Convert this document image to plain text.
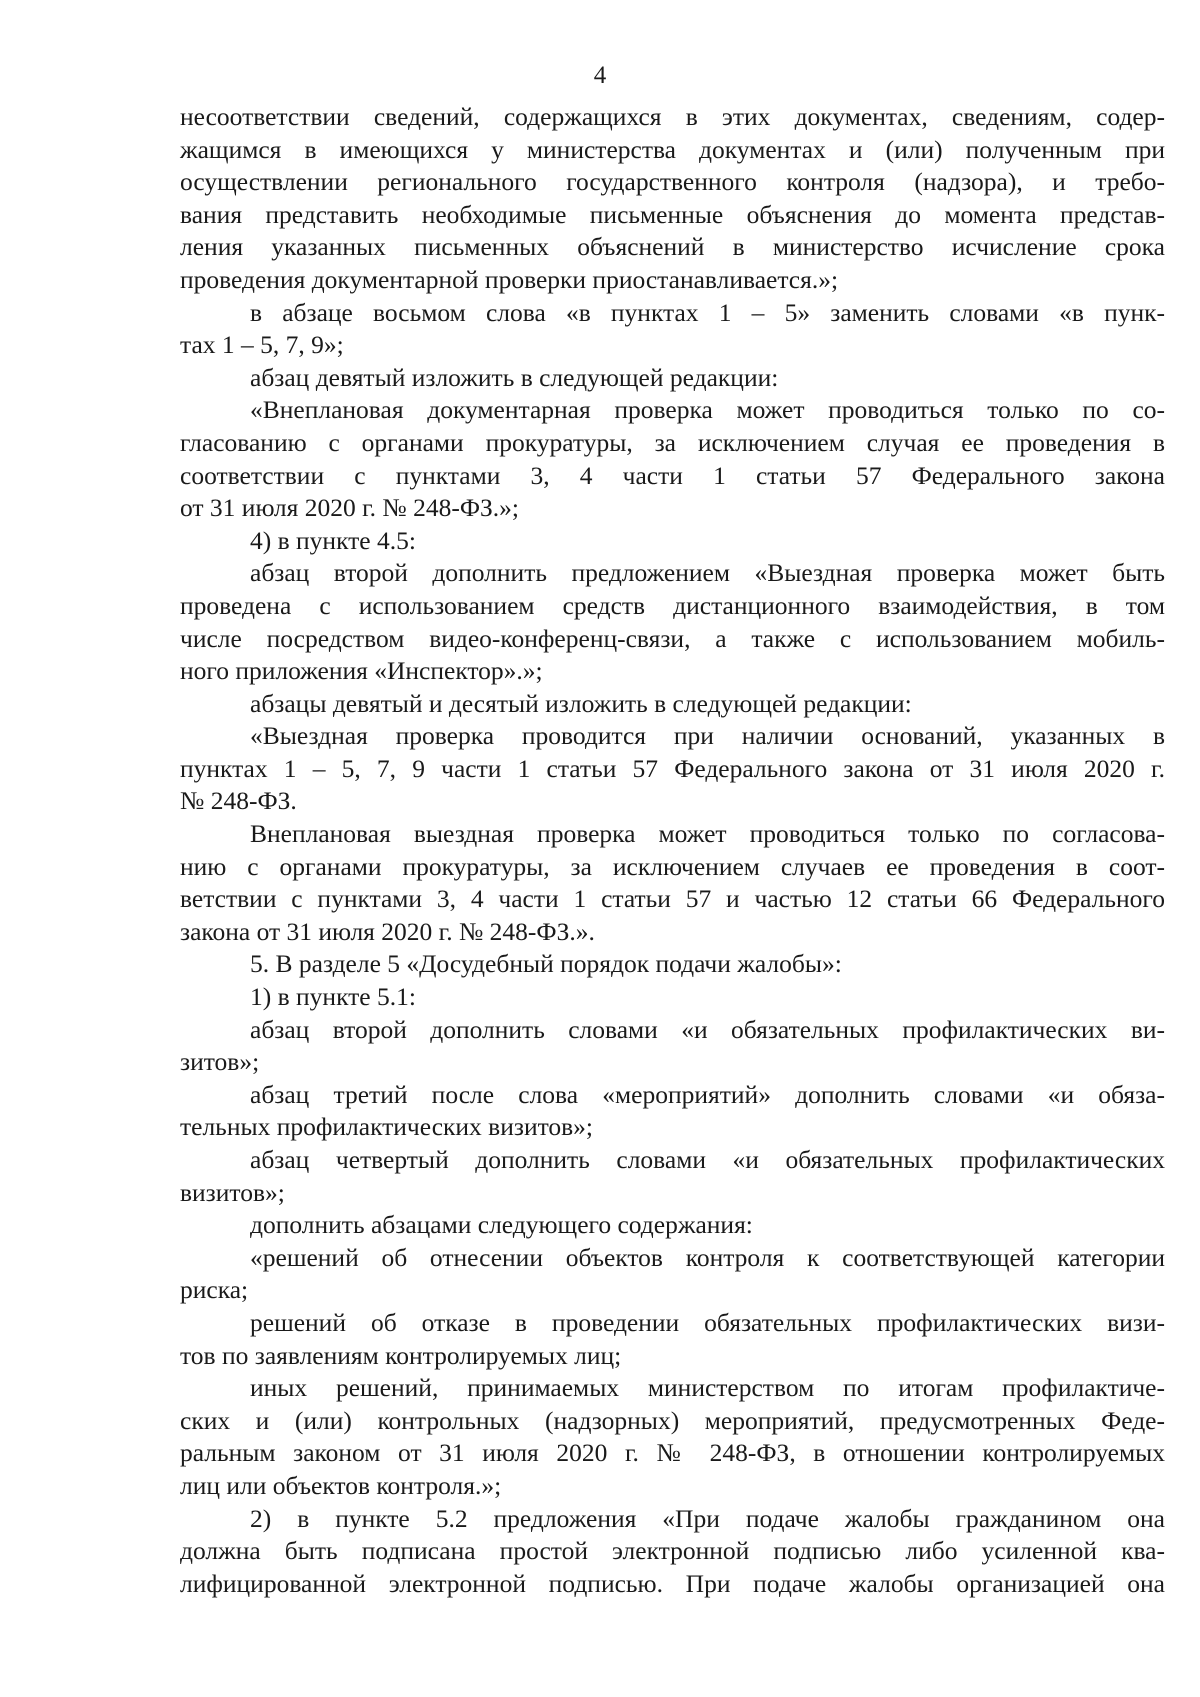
4
несоответствии сведений, содержащихся в этих документах, сведениям, содер-
жащимся в имеющихся у министерства документах и (или) полученным при
осуществлении регионального государственного контроля (надзора), и требо-
вания представить необходимые письменные объяснения до момента представ-
ления указанных письменных объяснений в министерство исчисление срока
проведения документарной проверки приостанавливается.»;
в абзаце восьмом слова «в пунктах 1 – 5» заменить словами «в пунк-
тах 1 – 5, 7, 9»;
абзац девятый изложить в следующей редакции:
«Внеплановая документарная проверка может проводиться только по со-
гласованию с органами прокуратуры, за исключением случая ее проведения в
соответствии с пунктами 3, 4 части 1 статьи 57 Федерального закона
от 31 июля 2020 г. № 248-ФЗ.»;
4) в пункте 4.5:
абзац второй дополнить предложением «Выездная проверка может быть
проведена с использованием средств дистанционного взаимодействия, в том
числе посредством видео-конференц-связи, а также с использованием мобиль-
ного приложения «Инспектор».»;
абзацы девятый и десятый изложить в следующей редакции:
«Выездная проверка проводится при наличии оснований, указанных в
пунктах 1 – 5, 7, 9 части 1 статьи 57 Федерального закона от 31 июля 2020 г.
№ 248-ФЗ.
Внеплановая выездная проверка может проводиться только по согласова-
нию с органами прокуратуры, за исключением случаев ее проведения в соот-
ветствии с пунктами 3, 4 части 1 статьи 57 и частью 12 статьи 66 Федерального
закона от 31 июля 2020 г. № 248-ФЗ.».
5. В разделе 5 «Досудебный порядок подачи жалобы»:
1) в пункте 5.1:
абзац второй дополнить словами «и обязательных профилактических ви-
зитов»;
абзац третий после слова «мероприятий» дополнить словами «и обяза-
тельных профилактических визитов»;
абзац четвертый дополнить словами «и обязательных профилактических
визитов»;
дополнить абзацами следующего содержания:
«решений об отнесении объектов контроля к соответствующей категории
риска;
решений об отказе в проведении обязательных профилактических визи-
тов по заявлениям контролируемых лиц;
иных решений, принимаемых министерством по итогам профилактиче-
ских и (или) контрольных (надзорных) мероприятий, предусмотренных Феде-
ральным законом от 31 июля 2020 г. № 248-ФЗ, в отношении контролируемых
лиц или объектов контроля.»;
2) в пункте 5.2 предложения «При подаче жалобы гражданином она
должна быть подписана простой электронной подписью либо усиленной ква-
лифицированной электронной подписью. При подаче жалобы организацией она
